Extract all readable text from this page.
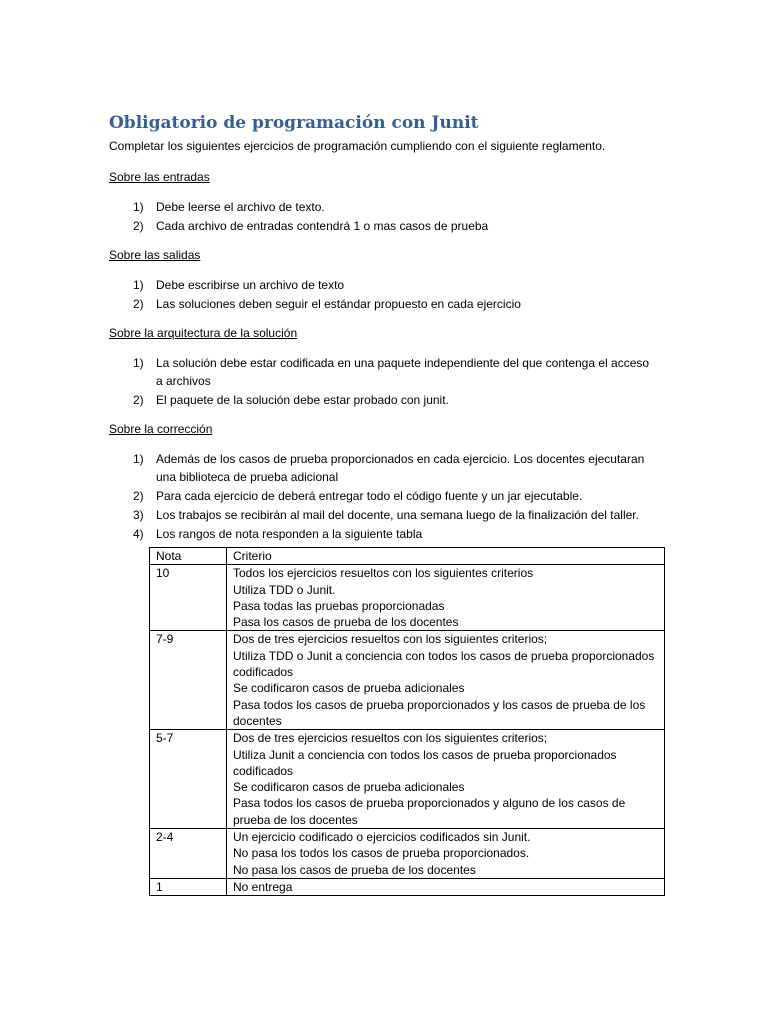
Obligatorio de programación con Junit

Completar los siguientes ejercicios de programación cumpliendo con el siguiente reglamento.

Sobre las entradas
1) Debe leerse el archivo de texto.
2) Cada archivo de entradas contendrá 1 o mas casos de prueba
Sobre las salidas
1) Debe escribirse un archivo de texto
2) Las soluciones deben seguir el estándar propuesto en cada ejercicio
Sobre la arquitectura de la solución
1) La solución debe estar codificada en una paquete independiente del que contenga el acceso a archivos
2) El paquete de la solución debe estar probado con junit.
Sobre la corrección
1) Además de los casos de prueba proporcionados en cada ejercicio. Los docentes ejecutaran una biblioteca de prueba adicional
2) Para cada ejercicio de deberá entregar todo el código fuente y un jar ejecutable.
3) Los trabajos se recibirán al mail del docente, una semana luego de la finalización del taller.
4) Los rangos de nota responden a la siguiente tabla
Nota	Criterio
10	Todos los ejercicios resueltos con los siguientes criterios
Utiliza TDD o Junit.
Pasa todas las pruebas proporcionadas
Pasa los casos de prueba de los docentes

7-9	Dos de tres ejercicios resueltos con los siguientes criterios;
Utiliza TDD o Junit a conciencia con todos los casos de prueba proporcionados codificados
Se codificaron casos de prueba adicionales
Pasa todos los casos de prueba proporcionados y los casos de prueba de los docentes

5-7	Dos de tres ejercicios resueltos con los siguientes criterios;
Utiliza Junit a conciencia con todos los casos de prueba proporcionados codificados
Se codificaron casos de prueba adicionales
Pasa todos los casos de prueba proporcionados y alguno de los casos de prueba de los docentes

2-4	Un ejercicio codificado o ejercicios codificados sin Junit.
No pasa los todos los casos de prueba proporcionados.
No pasa los casos de prueba de los docentes

1	No entrega
